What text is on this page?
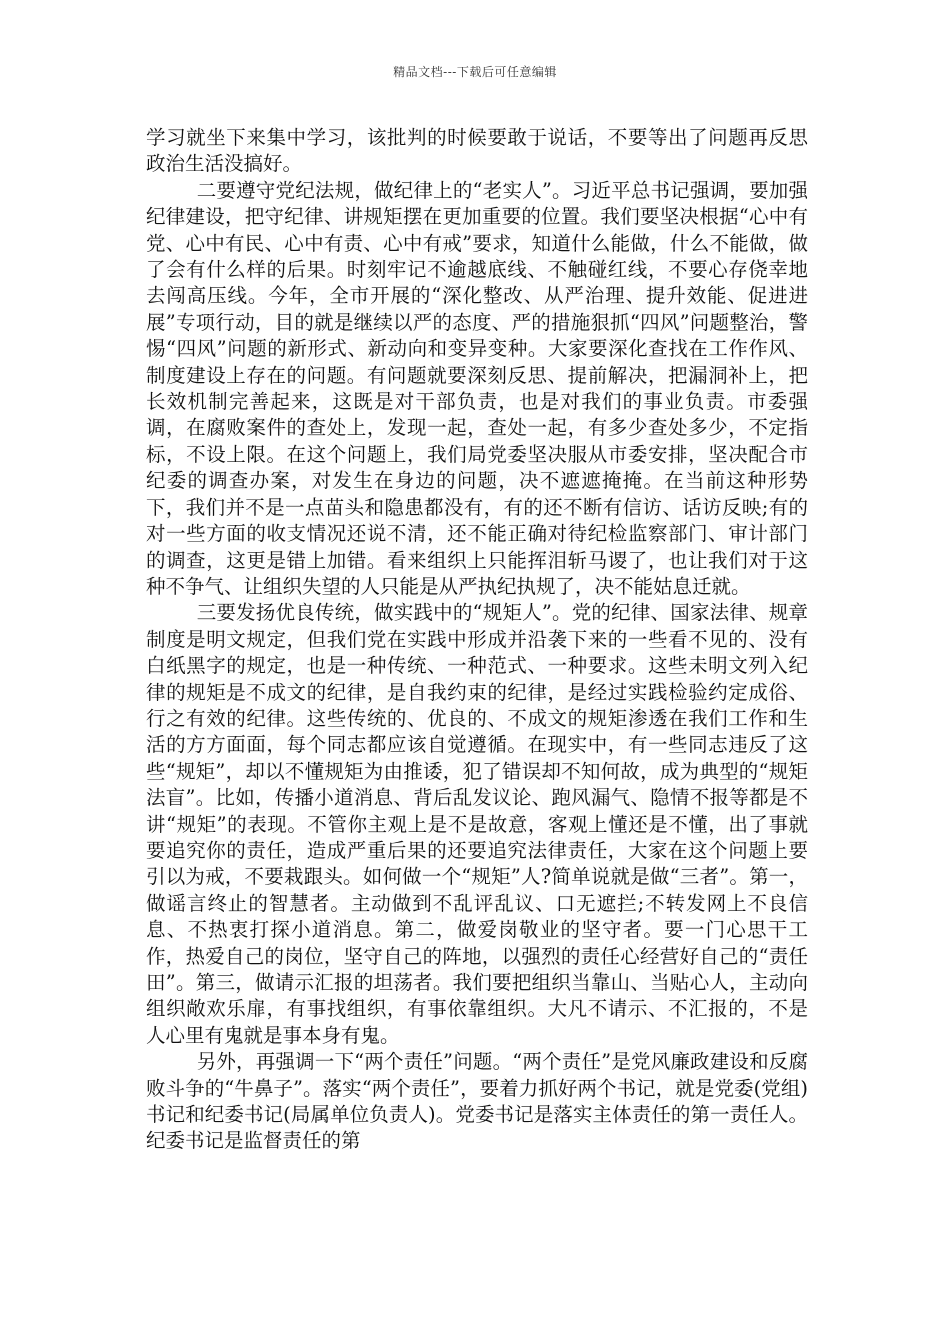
精品文档---下载后可任意编辑

学习就坐下来集中学习，该批判的时候要敢于说话，不要等出了问题再反思政治生活没搞好。

二要遵守党纪法规，做纪律上的“老实人”。习近平总书记强调，要加强纪律建设，把守纪律、讲规矩摆在更加重要的位置。我们要坚决根据“心中有党、心中有民、心中有责、心中有戒”要求，知道什么能做，什么不能做，做了会有什么样的后果。时刻牢记不逾越底线、不触碰红线，不要心存侥幸地去闯高压线。今年，全市开展的“深化整改、从严治理、提升效能、促进进展”专项行动，目的就是继续以严的态度、严的措施狠抓“四风”问题整治，警惕“四风”问题的新形式、新动向和变异变种。大家要深化查找在工作作风、制度建设上存在的问题。有问题就要深刻反思、提前解决，把漏洞补上，把长效机制完善起来，这既是对干部负责，也是对我们的事业负责。市委强调，在腐败案件的查处上，发现一起，查处一起，有多少查处多少，不定指标，不设上限。在这个问题上，我们局党委坚决服从市委安排，坚决配合市纪委的调查办案，对发生在身边的问题，决不遮遮掩掩。在当前这种形势下，我们并不是一点苗头和隐患都没有，有的还不断有信访、话访反映;有的对一些方面的收支情况还说不清，还不能正确对待纪检监察部门、审计部门的调查，这更是错上加错。看来组织上只能挥泪斩马谡了，也让我们对于这种不争气、让组织失望的人只能是从严执纪执规了，决不能姑息迁就。

三要发扬优良传统，做实践中的“规矩人”。党的纪律、国家法律、规章制度是明文规定，但我们党在实践中形成并沿袭下来的一些看不见的、没有白纸黑字的规定，也是一种传统、一种范式、一种要求。这些未明文列入纪律的规矩是不成文的纪律，是自我约束的纪律，是经过实践检验约定成俗、行之有效的纪律。这些传统的、优良的、不成文的规矩渗透在我们工作和生活的方方面面，每个同志都应该自觉遵循。在现实中，有一些同志违反了这些“规矩”，却以不懂规矩为由推诿，犯了错误却不知何故，成为典型的“规矩法盲”。比如，传播小道消息、背后乱发议论、跑风漏气、隐情不报等都是不讲“规矩”的表现。不管你主观上是不是故意，客观上懂还是不懂，出了事就要追究你的责任，造成严重后果的还要追究法律责任，大家在这个问题上要引以为戒，不要栽跟头。如何做一个“规矩”人?简单说就是做“三者”。第一，做谣言终止的智慧者。主动做到不乱评乱议、口无遮拦;不转发网上不良信息、不热衷打探小道消息。第二，做爱岗敬业的坚守者。要一门心思干工作，热爱自己的岗位，坚守自己的阵地，以强烈的责任心经营好自己的“责任田”。第三，做请示汇报的坦荡者。我们要把组织当靠山、当贴心人，主动向组织敞欢乐扉，有事找组织，有事依靠组织。大凡不请示、不汇报的，不是人心里有鬼就是事本身有鬼。

另外，再强调一下“两个责任”问题。“两个责任”是党风廉政建设和反腐败斗争的“牛鼻子”。落实“两个责任”，要着力抓好两个书记，就是党委(党组)书记和纪委书记(局属单位负责人)。党委书记是落实主体责任的第一责任人。纪委书记是监督责任的第
